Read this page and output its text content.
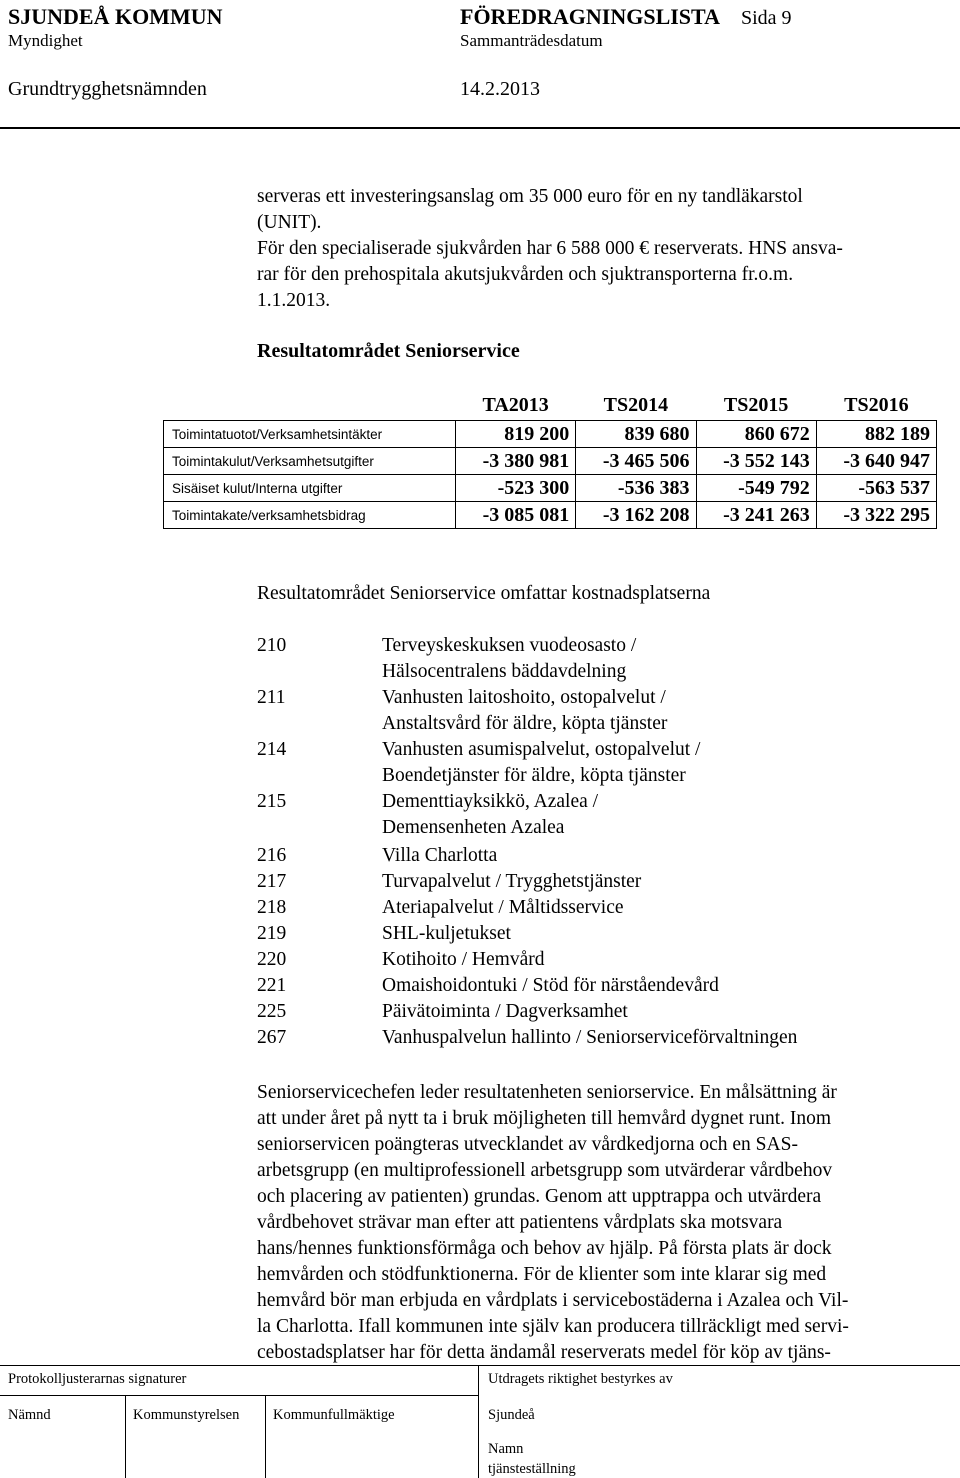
SJUNDEÅ KOMMUN	FÖREDRAGNINGSLISTA Sida 9
Myndighet	Sammanträdesdatum
Grundtrygghetsnämnden	14.2.2013
serveras ett investeringsanslag om 35 000 euro för en ny tandläkarstol
(UNIT).
För den specialiserade sjukvården har 6 588 000 € reserverats. HNS ansva-
rar för den prehospitala akutsjukvården och sjuktransporterna fr.o.m.
1.1.2013.
Resultatområdet Seniorservice
	TA2013	TS2014	TS2015	TS2016
Toimintatuotot/Verksamhetsintäkter	819 200	839 680	860 672	882 189
Toimintakulut/Verksamhetsutgifter	-3 380 981	-3 465 506	-3 552 143	-3 640 947
Sisäiset kulut/Interna utgifter	-523 300	-536 383	-549 792	-563 537
Toimintakate/verksamhetsbidrag	-3 085 081	-3 162 208	-3 241 263	-3 322 295
Resultatområdet Seniorservice omfattar kostnadsplatserna
210	Terveyskeskuksen vuodeosasto /
Hälsocentralens bäddavdelning
211	Vanhusten laitoshoito, ostopalvelut /
Anstaltsvård för äldre, köpta tjänster
214	Vanhusten asumispalvelut, ostopalvelut /
Boendetjänster för äldre, köpta tjänster
215	Dementtiayksikkö, Azalea /
Demensenheten Azalea
216	Villa Charlotta
217	Turvapalvelut / Trygghetstjänster
218	Ateriapalvelut / Måltidsservice
219	SHL-kuljetukset
220	Kotihoito / Hemvård
221	Omaishoidontuki / Stöd för närståendevård
225	Päivätoiminta / Dagverksamhet
267	Vanhuspalvelun hallinto / Seniorserviceförvaltningen
Seniorservicechefen leder resultatenheten seniorservice. En målsättning är
att under året på nytt ta i bruk möjligheten till hemvård dygnet runt. Inom
seniorservicen poängteras utvecklandet av vårdkedjorna och en SAS-
arbetsgrupp (en multiprofessionell arbetsgrupp som utvärderar vårdbehov
och placering av patienten) grundas. Genom att upptrappa och utvärdera
vårdbehovet strävar man efter att patientens vårdplats ska motsvara
hans/hennes funktionsförmåga och behov av hjälp. På första plats är dock
hemvården och stödfunktionerna. För de klienter som inte klarar sig med
hemvård bör man erbjuda en vårdplats i servicebostäderna i Azalea och Vil-
la Charlotta. Ifall kommunen inte själv kan producera tillräckligt med servi-
cebostadsplatser har för detta ändamål reserverats medel för köp av tjäns-
Protokolljusterarnas signaturer	Utdragets riktighet bestyrkes av
Nämnd	Kommunstyrelsen Kommunfullmäktige	Sjundeå
Namn
tjänsteställning
